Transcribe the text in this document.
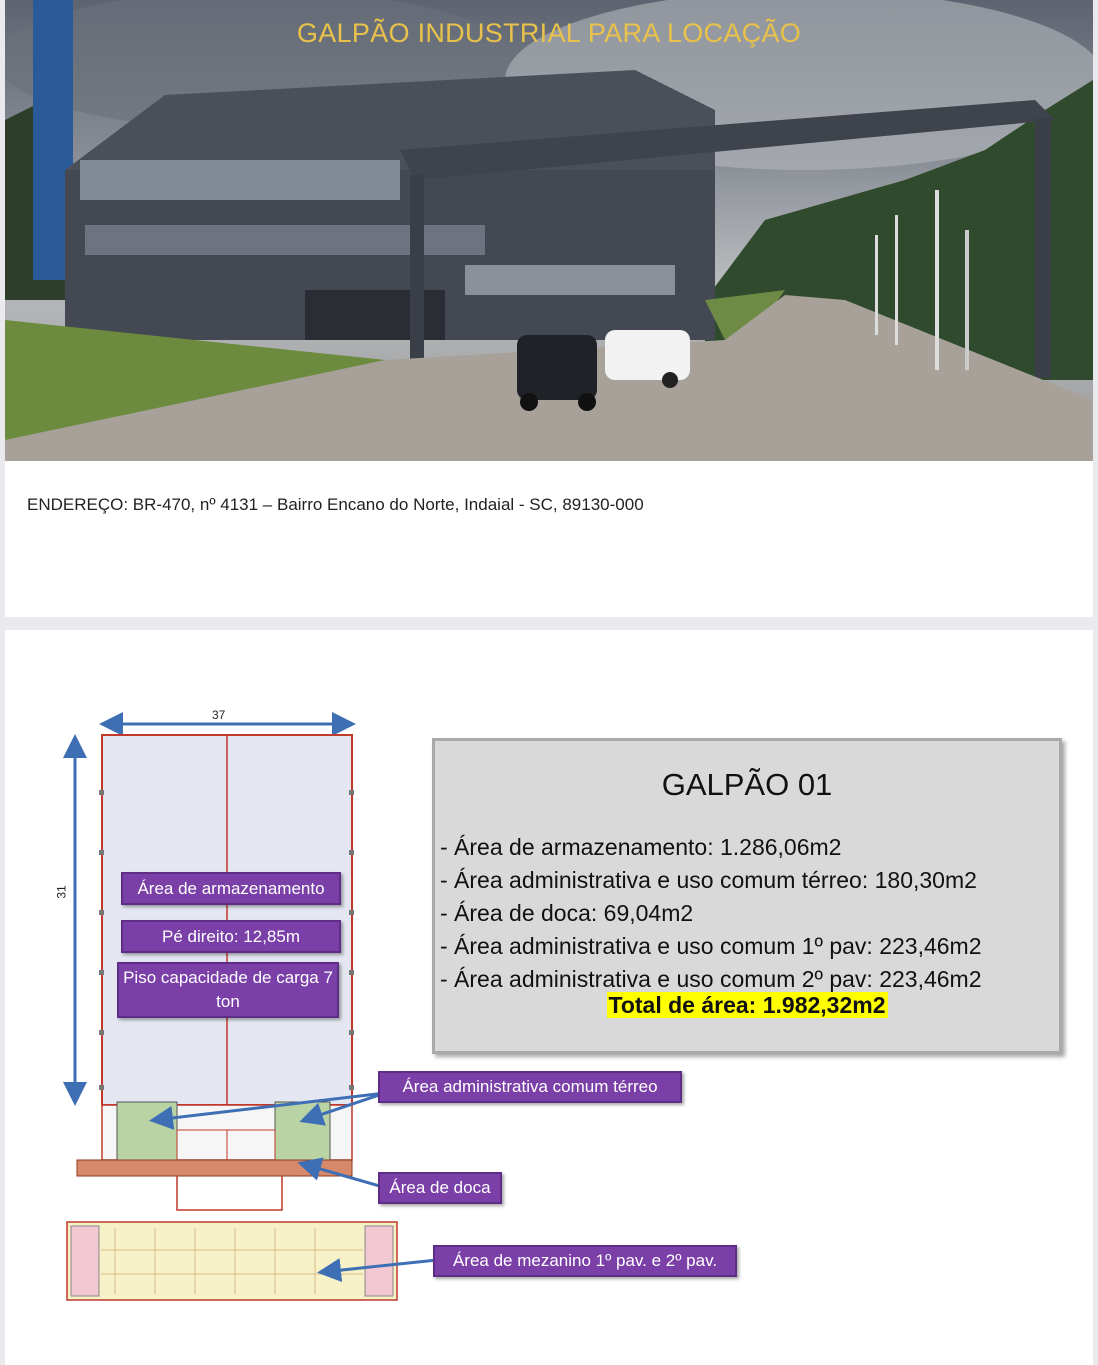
GALPÃO INDUSTRIAL PARA LOCAÇÃO
ENDEREÇO: BR-470, nº 4131 – Bairro Encano do Norte, Indaial - SC, 89130-000
37
31	Área de armazenamento
Pé direito: 12,85m
Piso capacidade de carga 7 ton
Área administrativa comum térreo
Área de doca
Área de mezanino 1º pav. e 2º pav.
GALPÃO 01
- Área de armazenamento: 1.286,06m2
- Área administrativa e uso comum térreo: 180,30m2
- Área de doca: 69,04m2
- Área administrativa e uso comum 1º pav: 223,46m2
- Área administrativa e uso comum 2º pav: 223,46m2
Total de área: 1.982,32m2
